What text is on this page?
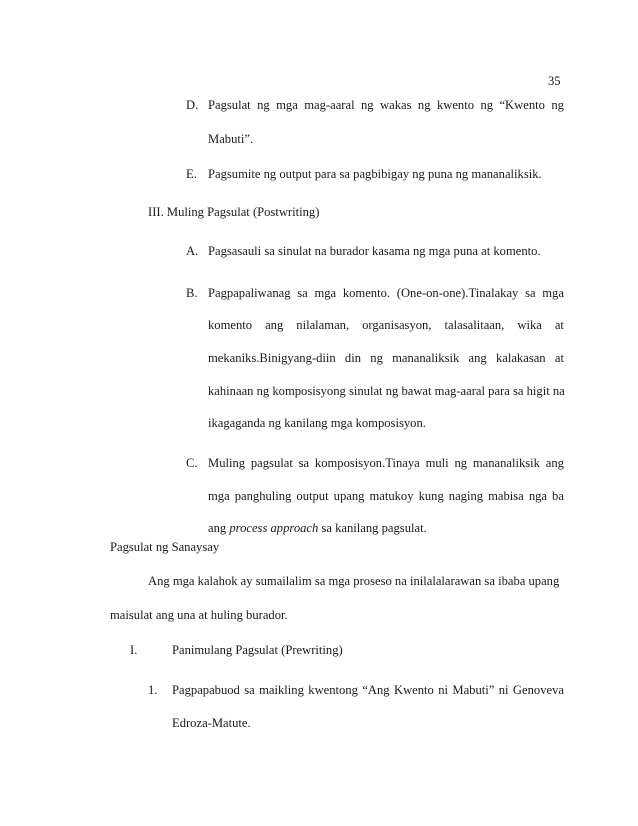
35
D. Pagsulat ng mga mag-aaral ng wakas ng kwento ng “Kwento ng
Mabuti”.
E. Pagsumite ng output para sa pagbibigay ng puna ng mananaliksik.
III. Muling Pagsulat (Postwriting)
A. Pagsasauli sa sinulat na burador kasama ng mga puna at komento.
B. Pagpapaliwanag sa mga komento. (One-on-one).Tinalakay sa mga
komento ang nilalaman, organisasyon, talasalitaan, wika at
mekaniks.Binigyang-diin din ng mananaliksik ang kalakasan at
kahinaan ng komposisyong sinulat ng bawat mag-aaral para sa higit na
ikagaganda ng kanilang mga komposisyon.
C. Muling pagsulat sa komposisyon.Tinaya muli ng mananaliksik ang
mga panghuling output upang matukoy kung naging mabisa nga ba
ang process approach sa kanilang pagsulat.
Pagsulat ng Sanaysay
Ang mga kalahok ay sumailalim sa mga proseso na inilalalarawan sa ibaba upang
maisulat ang una at huling burador.
I.	Panimulang Pagsulat (Prewriting)
1. Pagpapabuod sa maikling kwentong “Ang Kwento ni Mabuti” ni Genoveva
Edroza-Matute.
